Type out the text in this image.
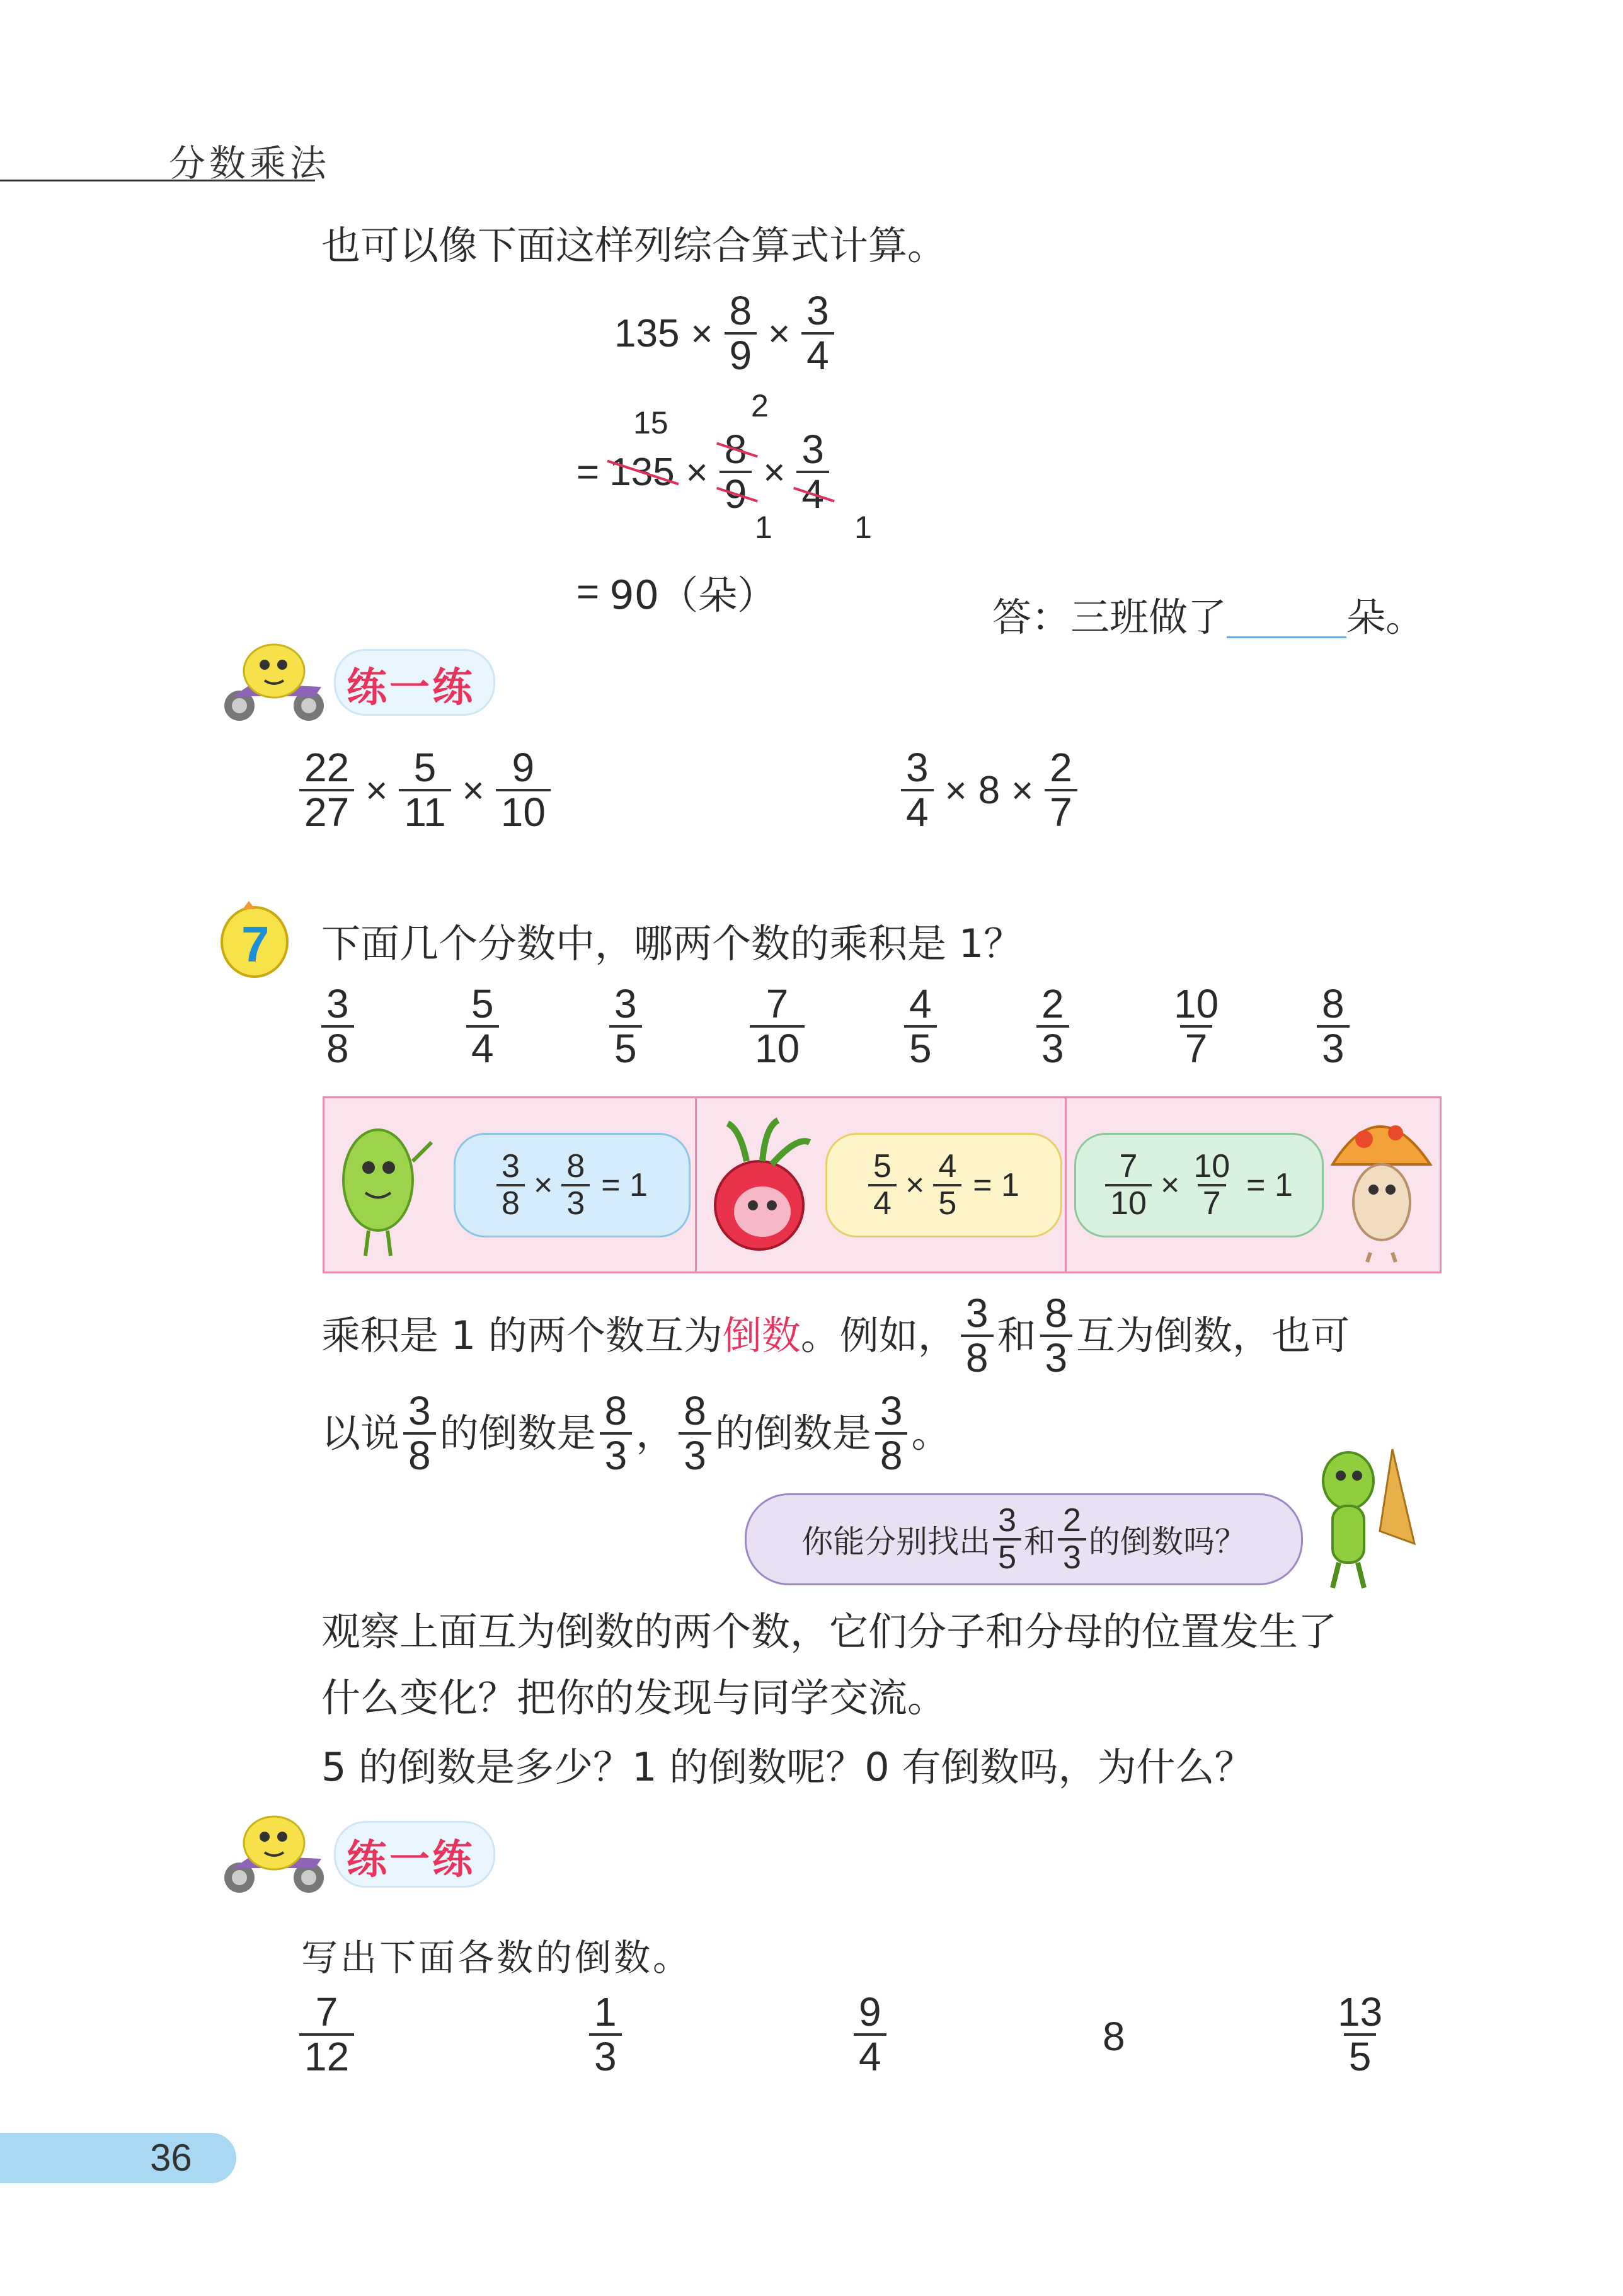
分数乘法
也可以像下面这样列综合算式计算。
$135 \times \frac{8}{9} \times \frac{3}{4}$
15	2
= $135 \times \frac{8}{9} \times \frac{3}{4}$
1	1
= 90（朵）	答：三班做了	朵。
练一练
$\frac{22}{27} \times \frac{5}{11} \times \frac{9}{10}$	$\frac{3}{4} \times 8 \times \frac{2}{7}$
7 下面几个分数中，哪两个数的乘积是 1？
$\frac{3}{8}$	$\frac{5}{4}$	$\frac{3}{5}$	$\frac{7}{10} \frac{4}{5} \frac{2}{3} \frac{10}{7} \frac{8}{3}$
$\frac{3}{8} \times \frac{8}{3} = 1$	$\frac{5}{4} \times \frac{4}{5} = 1$	$\frac{7}{10} \times \frac{10}{7} = 1$
乘积是 1 的两个数互为 倒数 。例如， $\frac{3}{8}$ 和 $\frac{8}{3}$ 互为倒数，也可
以说 $\frac{3}{8}$ 的倒数是 $\frac{8}{3}$ ， $\frac{8}{3}$ 的倒数是 $\frac{3}{8}$ 。
你能分别找出 $\frac{3}{5}$ 和 $\frac{2}{3}$ 的倒数吗？
观察上面互为倒数的两个数，它们分子和分母的位置发生了
什么变化？把你的发现与同学交流。
5 的倒数是多少？1 的倒数呢？0 有倒数吗，为什么？
练一练
写出下面各数的倒数。
$\frac{7}{12}$	$\frac{1}{3}$	$\frac{9}{4}$	8	$\frac{13}{5}$
36
